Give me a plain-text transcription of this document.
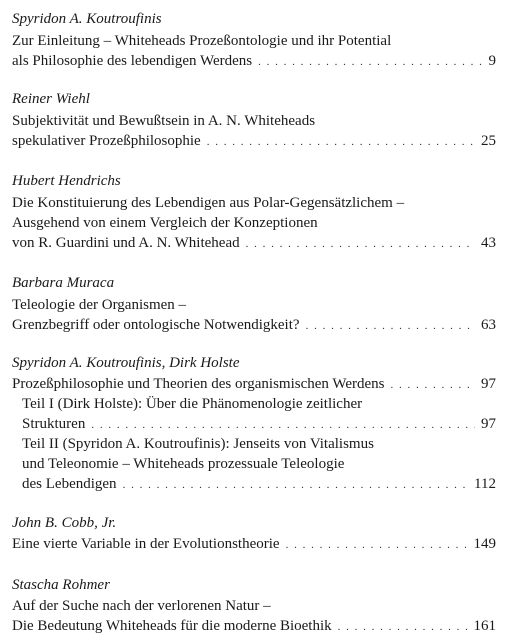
Spyridon A. Koutroufinis
Zur Einleitung – Whiteheads Prozeßontologie und ihr Potential
als Philosophie des lebendigen Werdens . . .	9
Reiner Wiehl
Subjektivität und Bewußtsein in A. N. Whiteheads
spekulativer Prozeßphilosophie . . .	25
Hubert Hendrichs
Die Konstituierung des Lebendigen aus Polar-Gegensätzlichem –
Ausgehend von einem Vergleich der Konzeptionen
von R. Guardini und A. N. Whitehead . . .	43
Barbara Muraca
Teleologie der Organismen –
Grenzbegriff oder ontologische Notwendigkeit? . . .	63
Spyridon A. Koutroufinis, Dirk Holste
Prozeßphilosophie und Theorien des organismischen Werdens . . .	97
Teil I (Dirk Holste): Über die Phänomenologie zeitlicher
Strukturen . . .	97
Teil II (Spyridon A. Koutroufinis): Jenseits von Vitalismus
und Teleonomie – Whiteheads prozessuale Teleologie
des Lebendigen . . .	112
John B. Cobb, Jr.
Eine vierte Variable in der Evolutionstheorie . . .	149
Stascha Rohmer
Auf der Suche nach der verlorenen Natur –
Die Bedeutung Whiteheads für die moderne Bioethik . . .	161
